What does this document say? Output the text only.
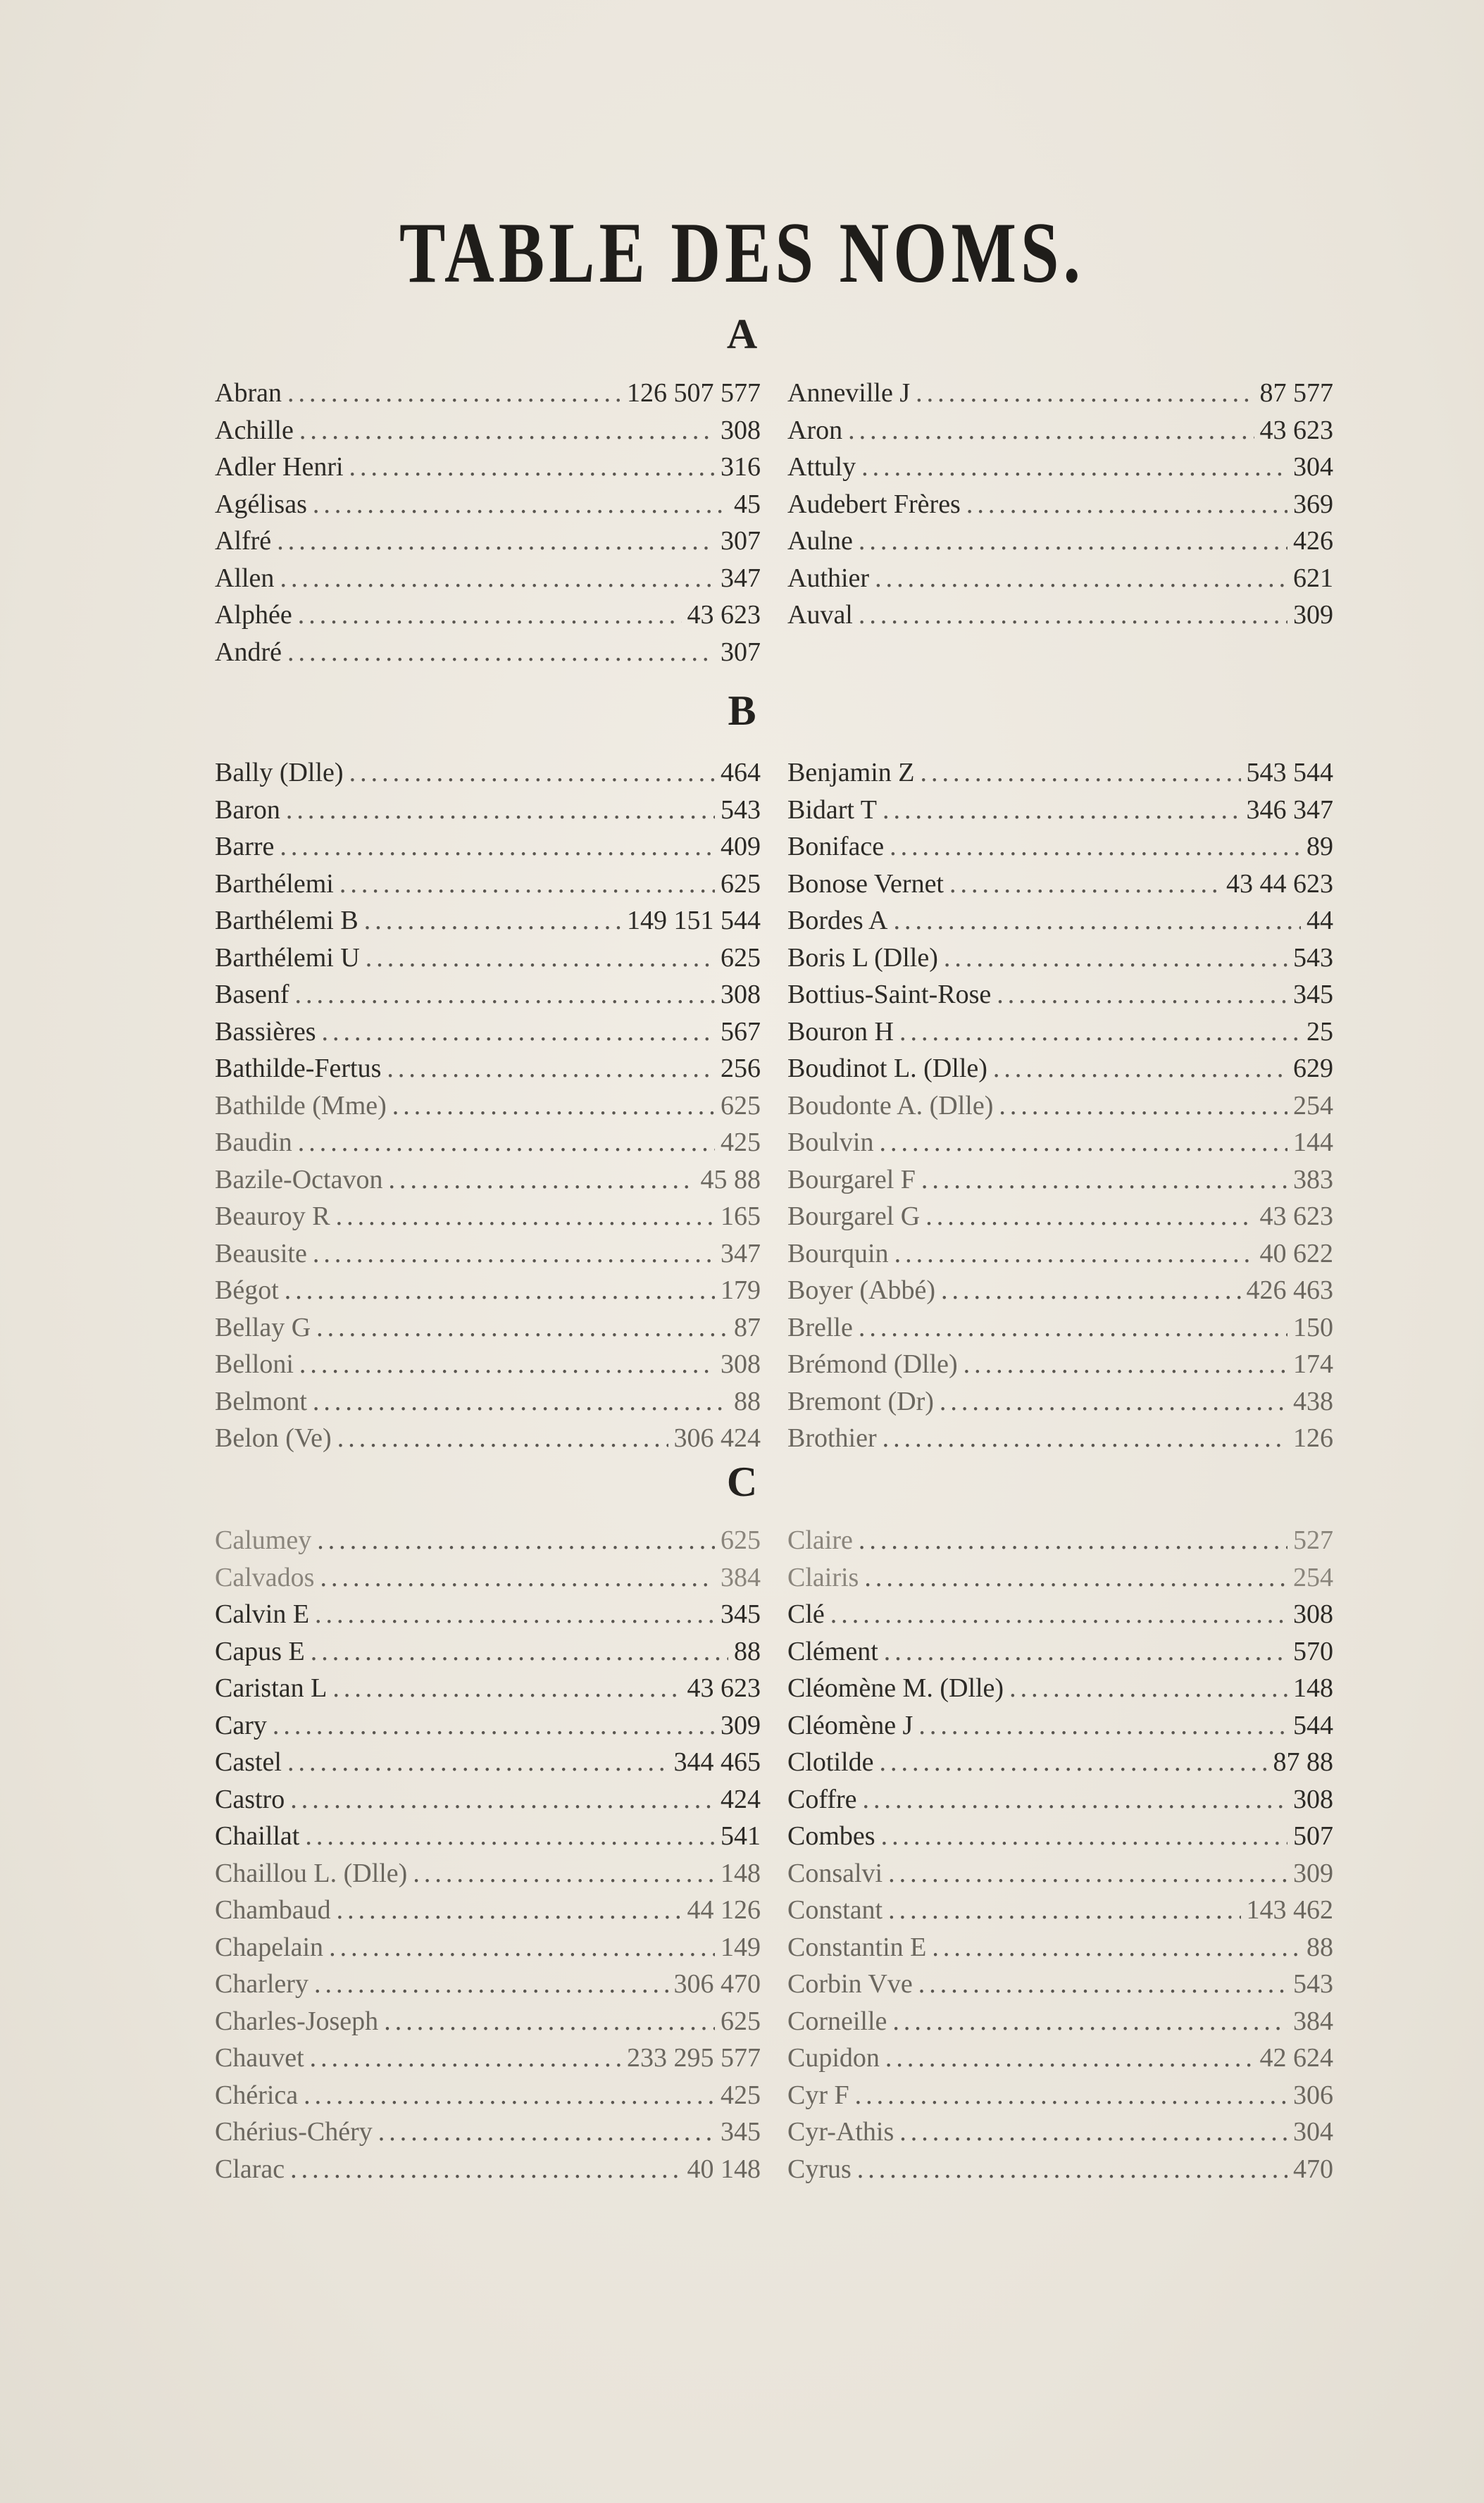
TABLE DES NOMS.
A
Abran .....	126 507 577
Achille .....	308
Adler Henri .....	316
Agélisas .....	45
Alfré .....	307
Allen .....	347
Alphée .....	43 623
André .....	307
Anneville J .....	87 577
Aron .....	43 623
Attuly .....	304
Audebert Frères .....	369
Aulne .....	426
Authier .....	621
Auval .....	309
B
Bally (Dlle) .....	464
Baron .....	543
Barre .....	409
Barthélemi .....	625
Barthélemi B .....	149 151 544
Barthélemi U .....	625
Basenf .....	308
Bassières .....	567
Bathilde-Fertus .....	256
Bathilde (Mme) .....	625
Baudin .....	425
Bazile-Octavon .....	45 88
Beauroy R .....	165
Beausite .....	347
Bégot .....	179
Bellay G .....	87
Belloni .....	308
Belmont .....	88
Belon (Ve) .....	306 424
Benjamin Z .....	543 544
Bidart T .....	346 347
Boniface .....	89
Bonose Vernet .....	43 44 623
Bordes A .....	44
Boris L (Dlle) .....	543
Bottius-Saint-Rose .....	345
Bouron H .....	25
Boudinot L. (Dlle) .....	629
Boudonte A. (Dlle) .....	254
Boulvin .....	144
Bourgarel F .....	383
Bourgarel G .....	43 623
Bourquin .....	40 622
Boyer (Abbé) .....	426 463
Brelle .....	150
Brémond (Dlle) .....	174
Bremont (Dr) .....	438
Brothier .....	126
C
Calumey .....	625
Calvados .....	384
Calvin E .....	345
Capus E .....	88
Caristan L .....	43 623
Cary .....	309
Castel .....	344 465
Castro .....	424
Chaillat .....	541
Chaillou L. (Dlle) .....	148
Chambaud .....	44 126
Chapelain .....	149
Charlery .....	306 470
Charles-Joseph .....	625
Chauvet .....	233 295 577
Chérica .....	425
Chérius-Chéry .....	345
Clarac .....	40 148
Claire .....	527
Clairis .....	254
Clé .....	308
Clément .....	570
Cléomène M. (Dlle) .....	148
Cléomène J .....	544
Clotilde .....	87 88
Coffre .....	308
Combes .....	507
Consalvi .....	309
Constant .....	143 462
Constantin E .....	88
Corbin Vve .....	543
Corneille .....	384
Cupidon .....	42 624
Cyr F .....	306
Cyr-Athis .....	304
Cyrus .....	470
